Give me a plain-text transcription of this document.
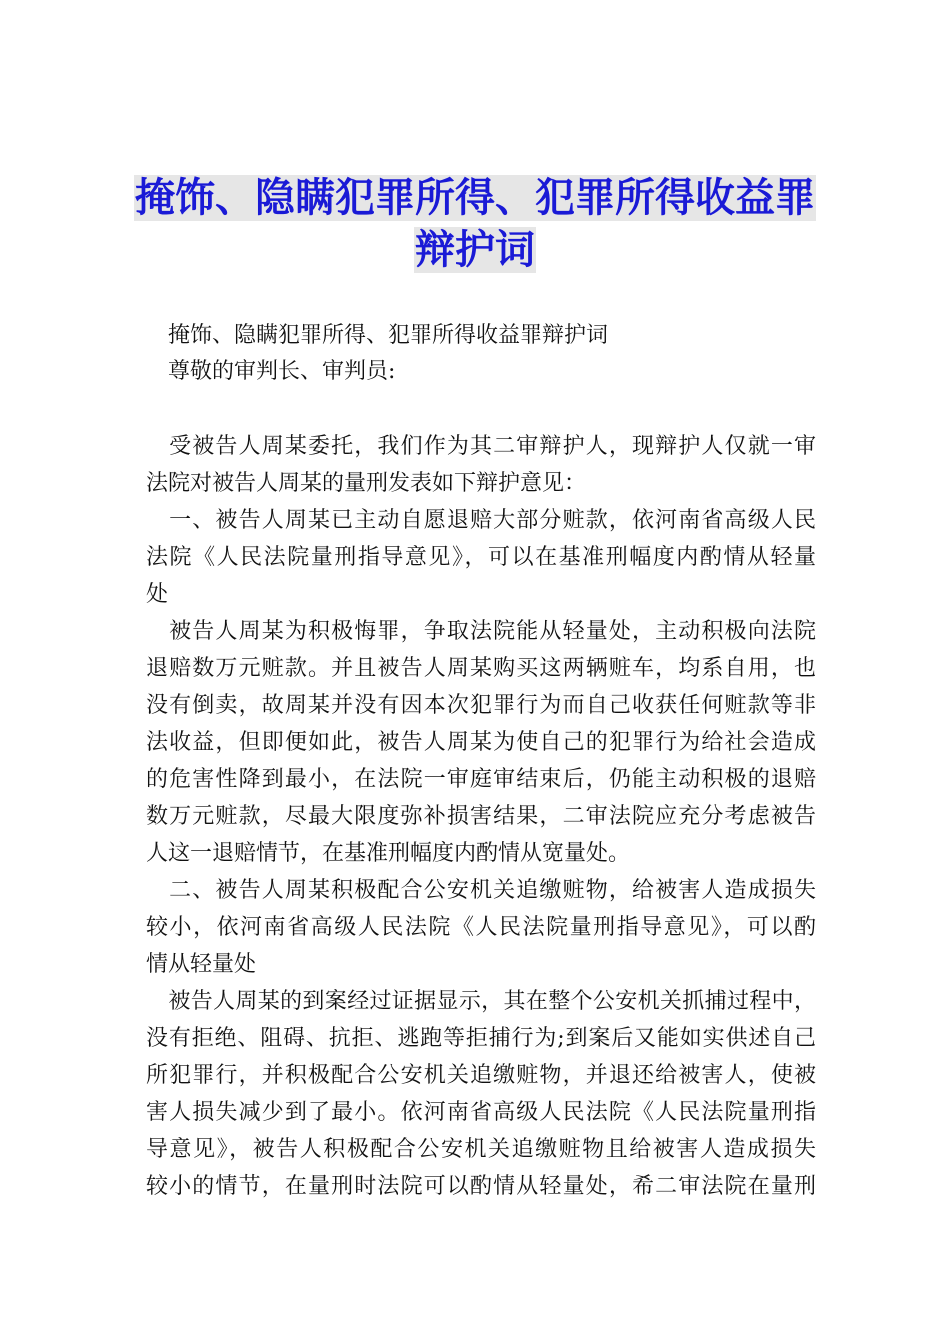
掩饰、隐瞒犯罪所得、犯罪所得收益罪
辩护词

　掩饰、隐瞒犯罪所得、犯罪所得收益罪辩护词

　尊敬的审判长、审判员:

　受被告人周某委托，我们作为其二审辩护人，现辩护人仅就一审

法院对被告人周某的量刑发表如下辩护意见：

　一、被告人周某已主动自愿退赔大部分赃款，依河南省高级人民

法院《人民法院量刑指导意见》，可以在基准刑幅度内酌情从轻量

处

　被告人周某为积极悔罪，争取法院能从轻量处，主动积极向法院

退赔数万元赃款。并且被告人周某购买这两辆赃车，均系自用，也

没有倒卖，故周某并没有因本次犯罪行为而自己收获任何赃款等非

法收益，但即便如此，被告人周某为使自己的犯罪行为给社会造成

的危害性降到最小，在法院一审庭审结束后，仍能主动积极的退赔

数万元赃款，尽最大限度弥补损害结果，二审法院应充分考虑被告

人这一退赔情节，在基准刑幅度内酌情从宽量处。

　二、被告人周某积极配合公安机关追缴赃物，给被害人造成损失

较小，依河南省高级人民法院《人民法院量刑指导意见》，可以酌

情从轻量处

　被告人周某的到案经过证据显示，其在整个公安机关抓捕过程中，

没有拒绝、阻碍、抗拒、逃跑等拒捕行为;到案后又能如实供述自己

所犯罪行，并积极配合公安机关追缴赃物，并退还给被害人，使被

害人损失减少到了最小。依河南省高级人民法院《人民法院量刑指

导意见》，被告人积极配合公安机关追缴赃物且给被害人造成损失

较小的情节，在量刑时法院可以酌情从轻量处，希二审法院在量刑
